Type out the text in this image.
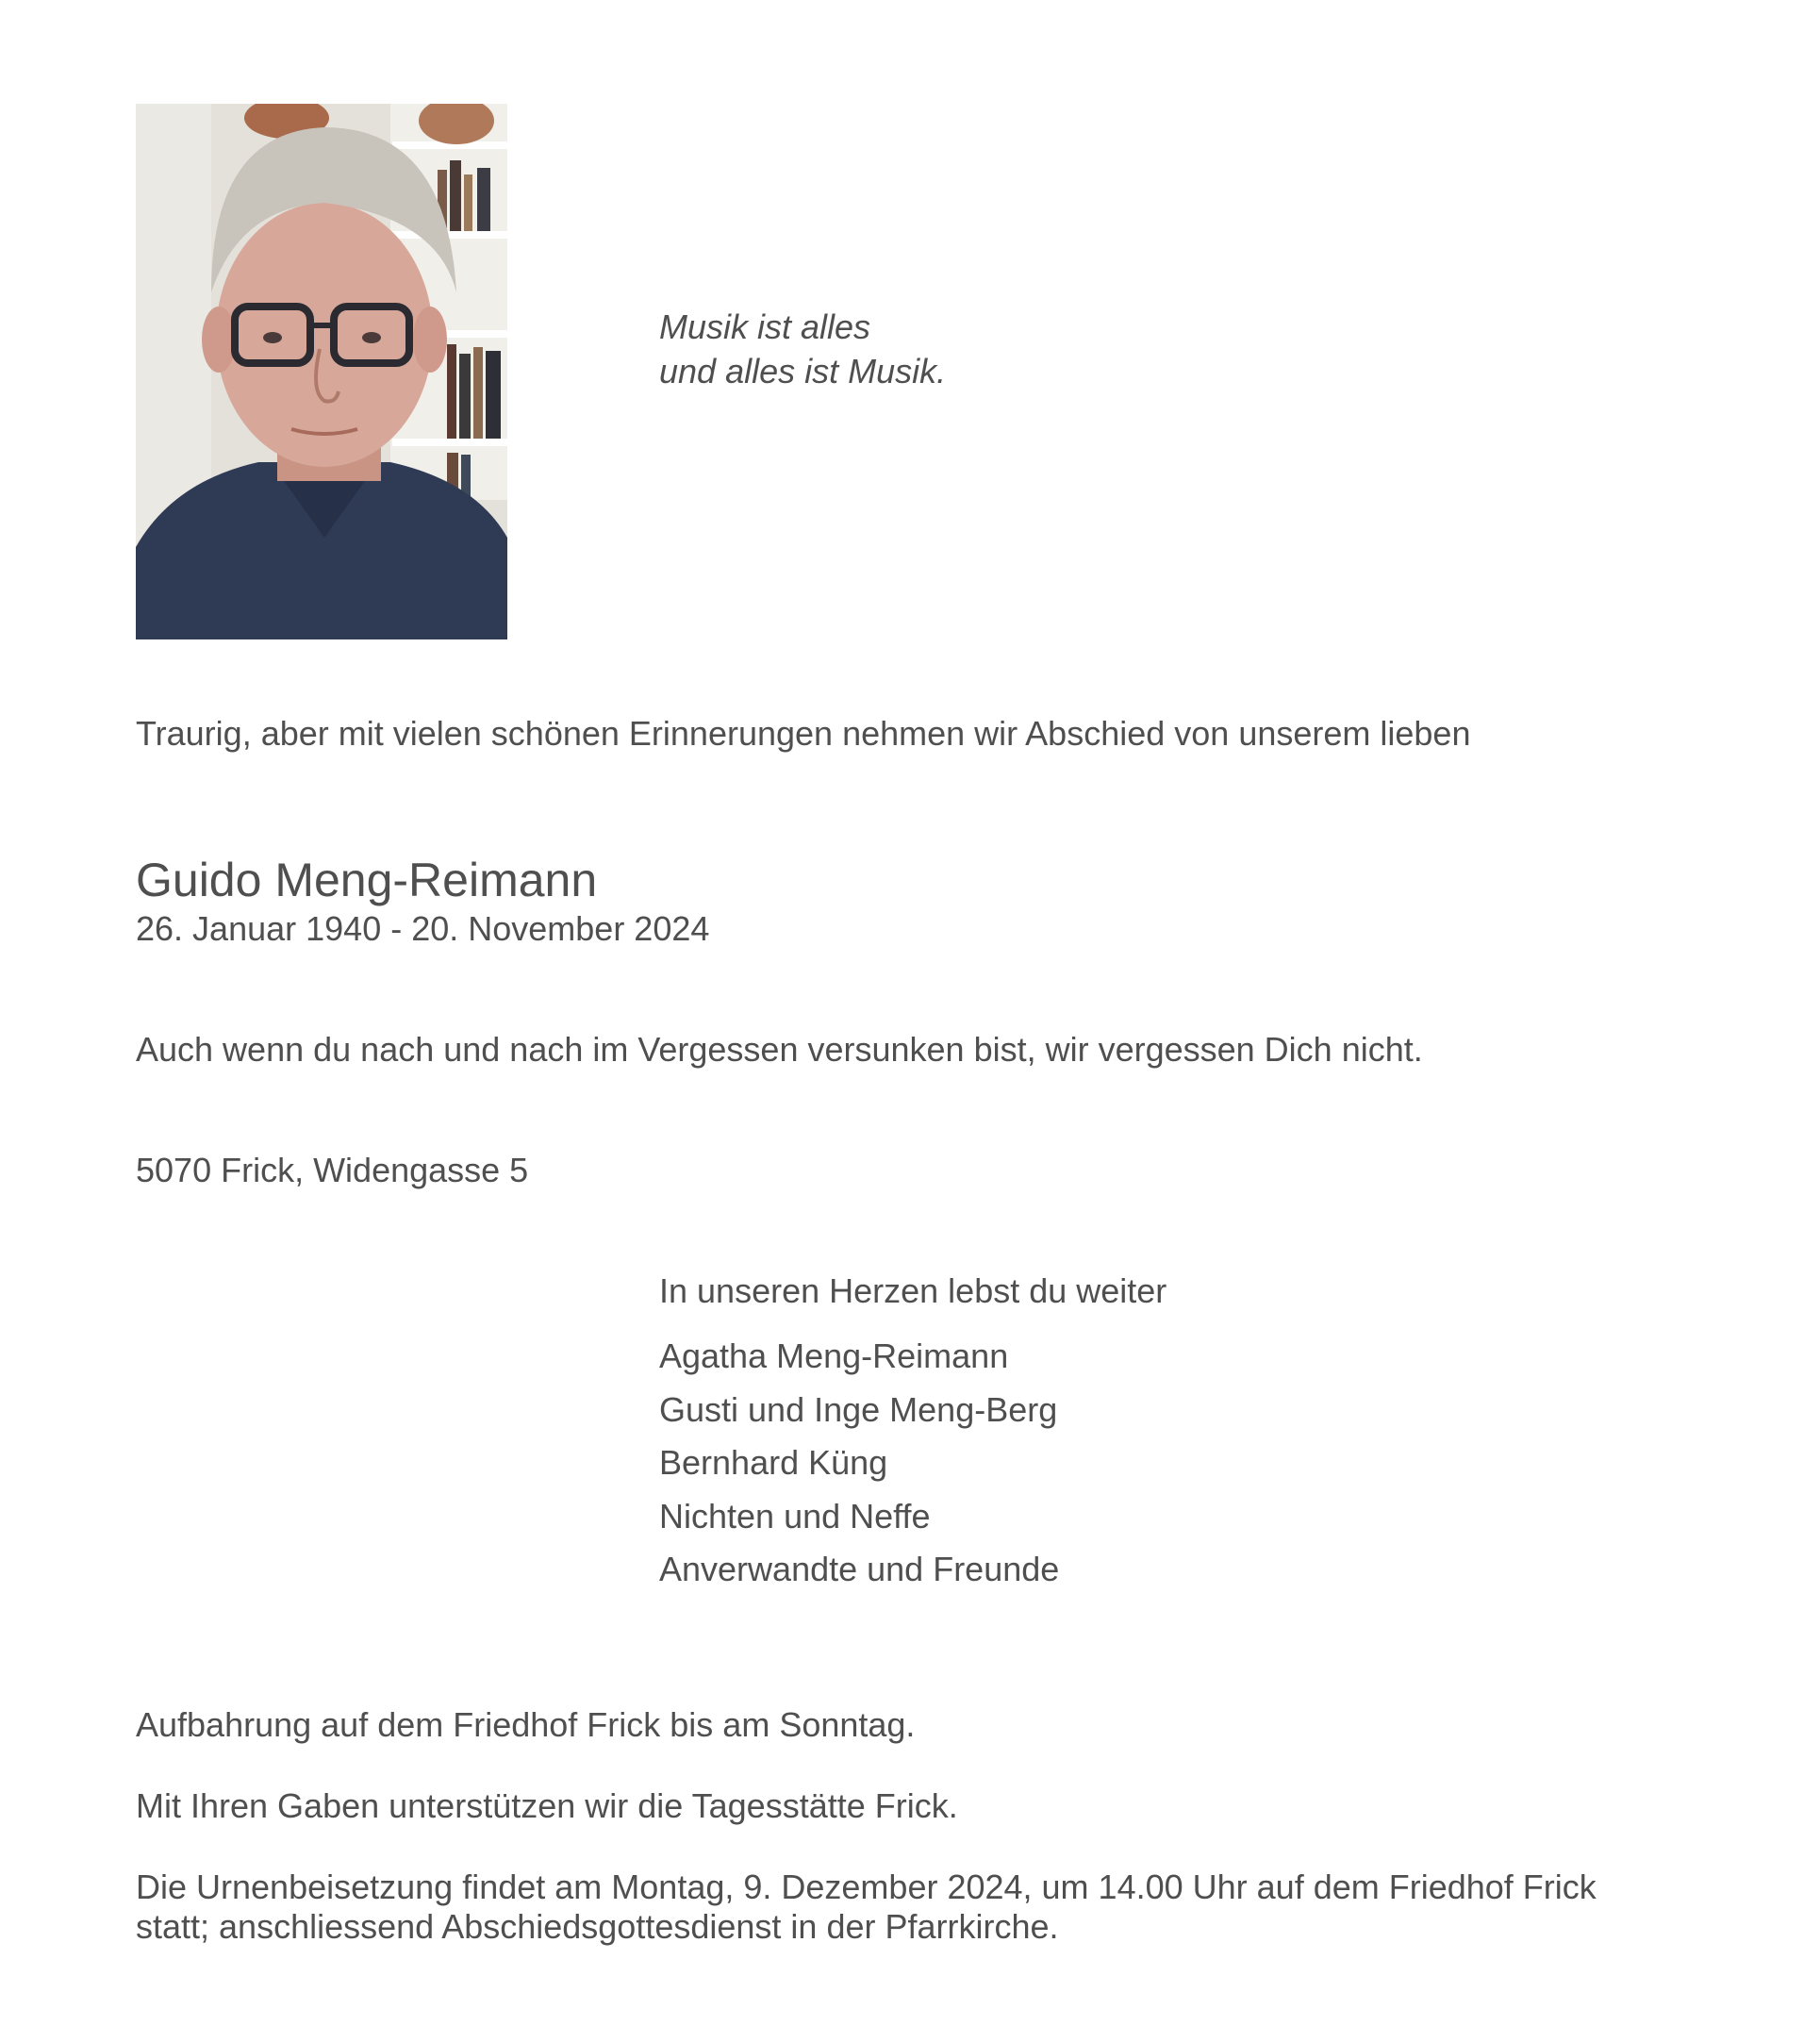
Musik ist alles
und alles ist Musik.
Traurig, aber mit vielen schönen Erinnerungen nehmen wir Abschied von unserem lieben
Guido Meng-Reimann
26. Januar 1940 - 20. November 2024
Auch wenn du nach und nach im Vergessen versunken bist, wir vergessen Dich nicht.
5070 Frick, Widengasse 5
In unseren Herzen lebst du weiter
Agatha Meng-Reimann
Gusti und Inge Meng-Berg
Bernhard Küng
Nichten und Neffe
Anverwandte und Freunde
Aufbahrung auf dem Friedhof Frick bis am Sonntag.
Mit Ihren Gaben unterstützen wir die Tagesstätte Frick.
Die Urnenbeisetzung findet am Montag, 9. Dezember 2024, um 14.00 Uhr auf dem Friedhof Frick
statt; anschliessend Abschiedsgottesdienst in der Pfarrkirche.
